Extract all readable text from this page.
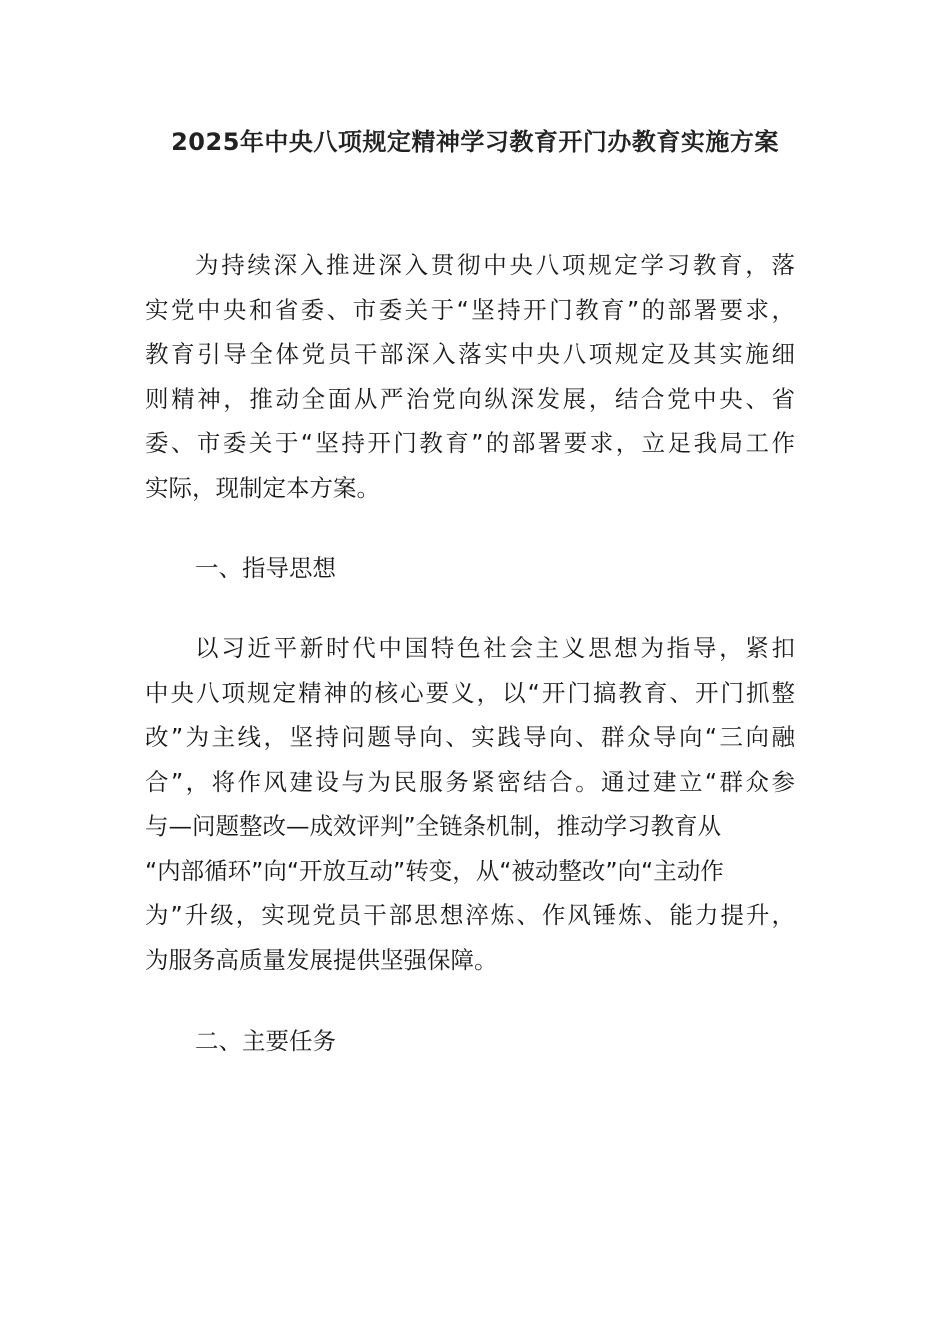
2025年中央八项规定精神学习教育开门办教育实施方案
为持续深入推进深入贯彻中央八项规定学习教育，落
实党中央和省委、市委关于“坚持开门教育”的部署要求，
教育引导全体党员干部深入落实中央八项规定及其实施细
则精神，推动全面从严治党向纵深发展，结合党中央、省
委、市委关于“坚持开门教育”的部署要求，立足我局工作
实际，现制定本方案。
一、指导思想
以习近平新时代中国特色社会主义思想为指导，紧扣
中央八项规定精神的核心要义，以“开门搞教育、开门抓整
改”为主线，坚持问题导向、实践导向、群众导向“三向融
合”，将作风建设与为民服务紧密结合。通过建立“群众参
与—问题整改—成效评判”全链条机制，推动学习教育从
“内部循环”向“开放互动”转变，从“被动整改”向“主动作
为”升级，实现党员干部思想淬炼、作风锤炼、能力提升，
为服务高质量发展提供坚强保障。
二、主要任务
